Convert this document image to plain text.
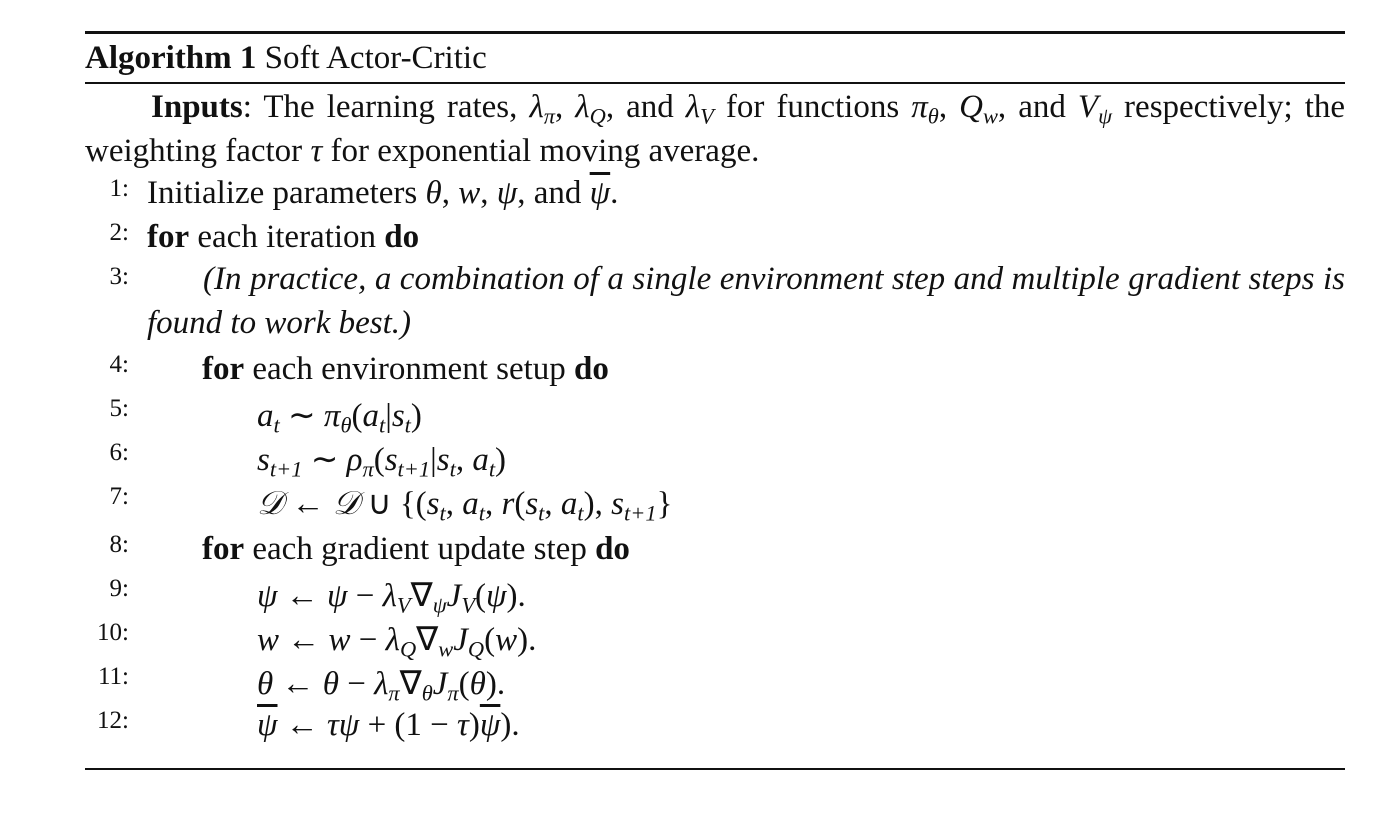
Algorithm 1 Soft Actor-Critic
Inputs: The learning rates, $\lambda_\pi$, $\lambda_Q$, and $\lambda_V$ for functions $\pi_\theta$, $Q_w$, and $V_\psi$ respectively; the weighting factor τ for exponential moving average.
1: Initialize parameters θ, w, ψ, and $\overline{\psi}$.
2: for each iteration do
3:	(In practice, a combination of a single environment step and multiple gradient steps is found to work best.)
4: for each environment setup do
5:	$a_t$ ∼ $\pi_\theta(a_t|s_t)$
6:	$s_{t+1}$ ∼ $\rho_\pi(s_{t+1}|s_t$, $a_t$)
7:	𝒟 ← 𝒟 ∪ {($s_t$, $a_t$, $r(s_t$, $a_t$), $s_{t+1}$}
8: for each gradient update step do
9:	ψ ← $\psi - \lambda_V\nabla_\psi J_V(\psi)$.
10:	w ← $w - \lambda_Q\nabla_wJ_Q(w)$.
11:	θ ← $\theta - \lambda_\pi\nabla_\theta J_\pi(\theta)$.
12:	$\overline{\psi}$ ← $\tau\psi + (1 - \tau)\overline{\psi}$).
